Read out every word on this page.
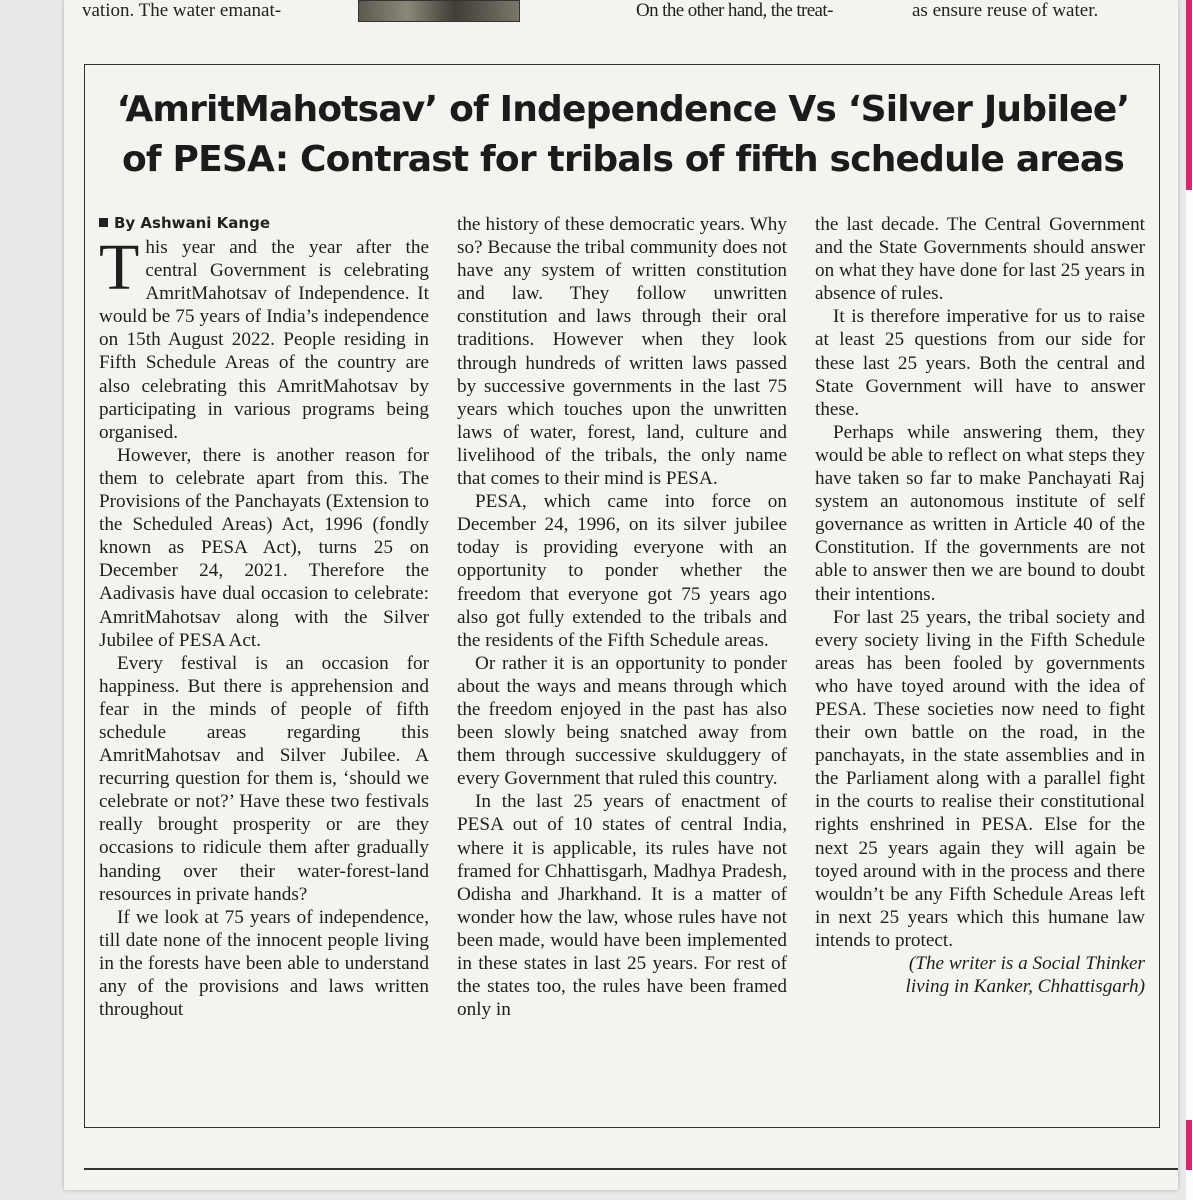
vation. The water emanat-	On the other hand, the treat-	as ensure reuse of water.
‘AmritMahotsav’ of Independence Vs ‘Silver Jubilee’
of PESA: Contrast for tribals of fifth schedule areas
By Ashwani Kange

This year and the year after the central Government is celebrating AmritMahotsav of Independence. It would be 75 years of India’s independence on 15th August 2022. People residing in Fifth Schedule Areas of the country are also celebrating this AmritMahotsav by participating in various programs being organised.

However, there is another reason for them to celebrate apart from this. The Provisions of the Panchayats (Extension to the Scheduled Areas) Act, 1996 (fondly known as PESA Act), turns 25 on December 24, 2021. Therefore the Aadivasis have dual occasion to celebrate: AmritMahotsav along with the Silver Jubilee of PESA Act.

Every festival is an occasion for happiness. But there is apprehension and fear in the minds of people of fifth schedule areas regarding this AmritMahotsav and Silver Jubilee. A recurring question for them is, ‘should we celebrate or not?’ Have these two festivals really brought prosperity or are they occasions to ridicule them after gradually handing over their water-forest-land resources in private hands?

If we look at 75 years of independence, till date none of the innocent people living in the forests have been able to understand any of the provisions and laws written throughout

the history of these democratic years. Why so? Because the tribal community does not have any system of written constitution and law. They follow unwritten constitution and laws through their oral traditions. However when they look through hundreds of written laws passed by successive governments in the last 75 years which touches upon the unwritten laws of water, forest, land, culture and livelihood of the tribals, the only name that comes to their mind is PESA.

PESA, which came into force on December 24, 1996, on its silver jubilee today is providing everyone with an opportunity to ponder whether the freedom that everyone got 75 years ago also got fully extended to the tribals and the residents of the Fifth Schedule areas.

Or rather it is an opportunity to ponder about the ways and means through which the freedom enjoyed in the past has also been slowly being snatched away from them through successive skulduggery of every Government that ruled this country.

In the last 25 years of enactment of PESA out of 10 states of central India, where it is applicable, its rules have not framed for Chhattisgarh, Madhya Pradesh, Odisha and Jharkhand. It is a matter of wonder how the law, whose rules have not been made, would have been implemented in these states in last 25 years. For rest of the states too, the rules have been framed only in

the last decade. The Central Government and the State Governments should answer on what they have done for last 25 years in absence of rules.

It is therefore imperative for us to raise at least 25 questions from our side for these last 25 years. Both the central and State Government will have to answer these.

Perhaps while answering them, they would be able to reflect on what steps they have taken so far to make Panchayati Raj system an autonomous institute of self governance as written in Article 40 of the Constitution. If the governments are not able to answer then we are bound to doubt their intentions.

For last 25 years, the tribal society and every society living in the Fifth Schedule areas has been fooled by governments who have toyed around with the idea of PESA. These societies now need to fight their own battle on the road, in the panchayats, in the state assemblies and in the Parliament along with a parallel fight in the courts to realise their constitutional rights enshrined in PESA. Else for the next 25 years again they will again be toyed around with in the process and there wouldn’t be any Fifth Schedule Areas left in next 25 years which this humane law intends to protect.

(The writer is a Social Thinker
living in Kanker, Chhattisgarh)
